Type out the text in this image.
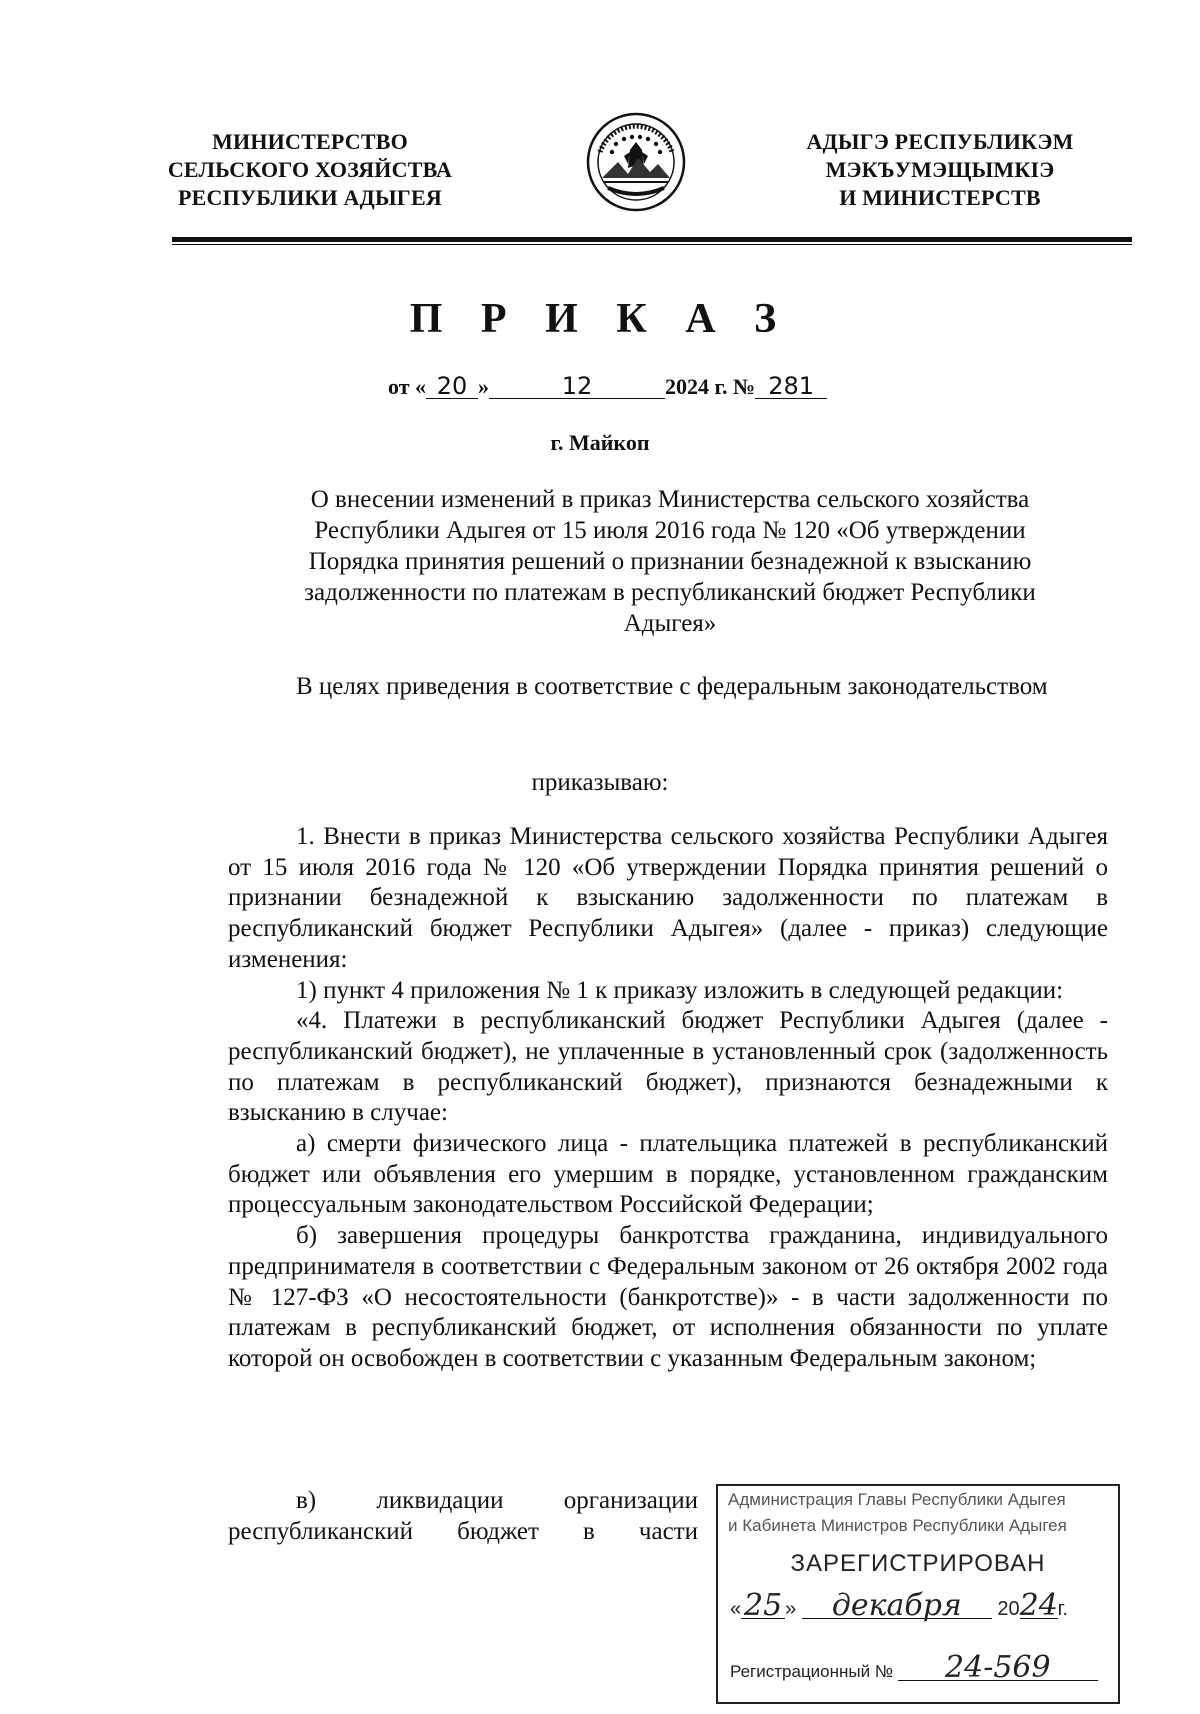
МИНИСТЕРСТВО
СЕЛЬСКОГО ХОЗЯЙСТВА
РЕСПУБЛИКИ АДЫГЕЯ
АДЫГЭ РЕСПУБЛИКЭМ
МЭКЪУМЭЩЫМКIЭ
И МИНИСТЕРСТВ
П Р И К А З
от « 20 »	12	2024 г. № 281
г. Майкоп
О внесении изменений в приказ Министерства сельского хозяйства
Республики Адыгея от 15 июля 2016 года № 120 «Об утверждении
Порядка принятия решений о признании безнадежной к взысканию
задолженности по платежам в республиканский бюджет Республики
Адыгея»
В целях приведения в соответствие с федеральным законодательством
приказываю:
1. Внести в приказ Министерства сельского хозяйства Республики Адыгея от 15 июля 2016 года № 120 «Об утверждении Порядка принятия решений о признании безнадежной к взысканию задолженности по платежам в республиканский бюджет Республики Адыгея» (далее - приказ) следующие изменения:
1) пункт 4 приложения № 1 к приказу изложить в следующей редакции:
«4. Платежи в республиканский бюджет Республики Адыгея (далее - республиканский бюджет), не уплаченные в установленный срок (задолженность по платежам в республиканский бюджет), признаются безнадежными к взысканию в случае:
а) смерти физического лица - плательщика платежей в республиканский бюджет или объявления его умершим в порядке, установленном гражданским процессуальным законодательством Российской Федерации;
б) завершения процедуры банкротства гражданина, индивидуального предпринимателя в соответствии с Федеральным законом от 26 октября 2002 года № 127-ФЗ «О несостоятельности (банкротстве)» - в части задолженности по платежам в республиканский бюджет, от исполнения обязанности по уплате которой он освобожден в соответствии с указанным Федеральным законом;
в) ликвидации организации республиканский бюджет в части
Администрация Главы Республики Адыгея
и Кабинета Министров Республики Адыгея
ЗАРЕГИСТРИРОВАН
«25 » декабря 2024г.
Регистрационный № 24-569
